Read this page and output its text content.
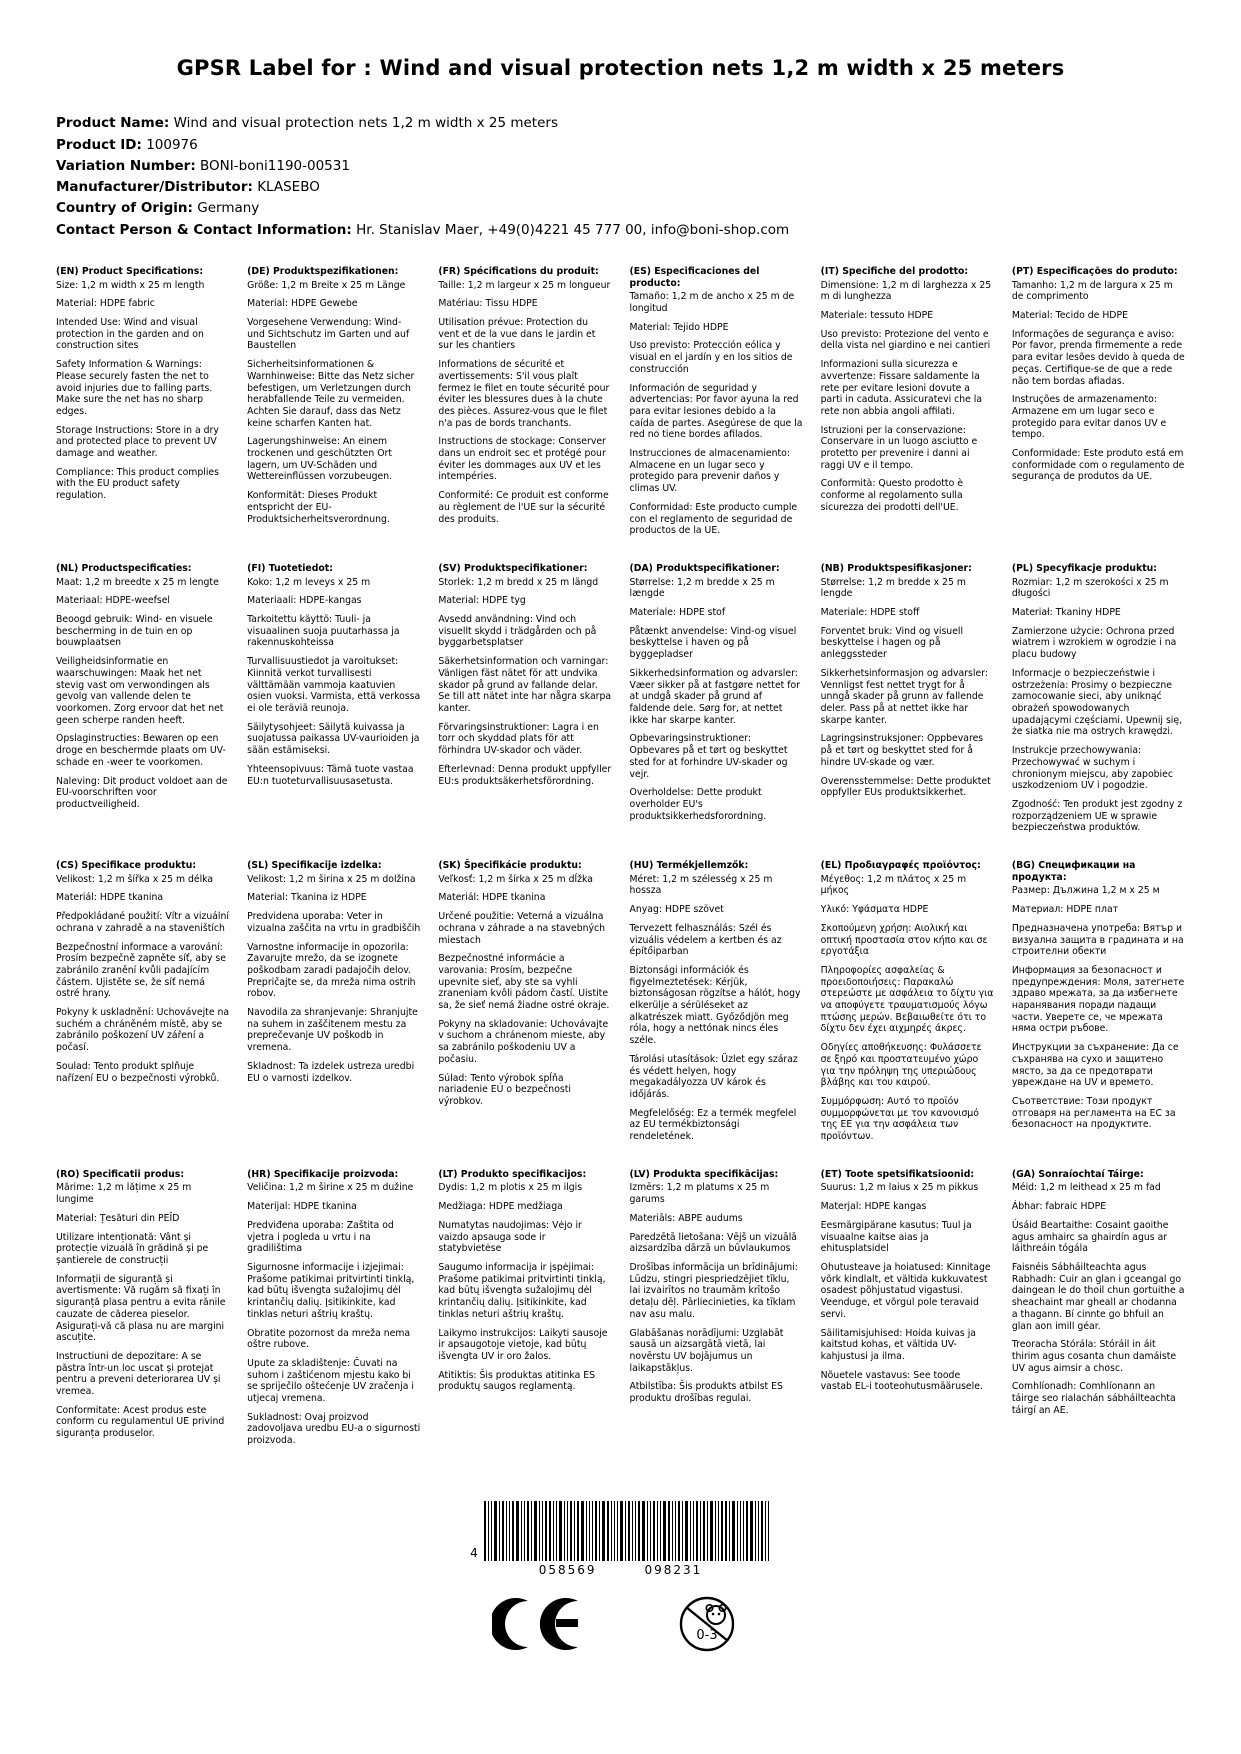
GPSR Label for : Wind and visual protection nets 1,2 m width x 25 meters
Product Name: Wind and visual protection nets 1,2 m width x 25 meters
Product ID: 100976
Variation Number: BONI-boni1190-00531
Manufacturer/Distributor: KLASEBO
Country of Origin: Germany
Contact Person & Contact Information: Hr. Stanislav Maer, +49(0)4221 45 777 00, info@boni-shop.com
(EN) Product Specifications:

Size: 1,2 m width x 25 m length

Material: HDPE fabric

Intended Use: Wind and visual protection in the garden and on construction sites

Safety Information & Warnings: Please securely fasten the net to avoid injuries due to falling parts. Make sure the net has no sharp edges.

Storage Instructions: Store in a dry and protected place to prevent UV damage and weather.

Compliance: This product complies with the EU product safety regulation.

(DE) Produktspezifikationen:

Größe: 1,2 m Breite x 25 m Länge

Material: HDPE Gewebe

Vorgesehene Verwendung: Wind- und Sichtschutz im Garten und auf Baustellen

Sicherheitsinformationen & Warnhinweise: Bitte das Netz sicher befestigen, um Verletzungen durch herabfallende Teile zu vermeiden. Achten Sie darauf, dass das Netz keine scharfen Kanten hat.

Lagerungshinweise: An einem trockenen und geschützten Ort lagern, um UV-Schäden und Wettereinflüssen vorzubeugen.

Konformität: Dieses Produkt entspricht der EU-Produktsicherheitsverordnung.

(FR) Spécifications du produit:

Taille: 1,2 m largeur x 25 m longueur

Matériau: Tissu HDPE

Utilisation prévue: Protection du vent et de la vue dans le jardin et sur les chantiers

Informations de sécurité et avertissements: S'il vous plaît fermez le filet en toute sécurité pour éviter les blessures dues à la chute des pièces. Assurez-vous que le filet n'a pas de bords tranchants.

Instructions de stockage: Conserver dans un endroit sec et protégé pour éviter les dommages aux UV et les intempéries.

Conformité: Ce produit est conforme au règlement de l'UE sur la sécurité des produits.

(ES) Especificaciones del producto:

Tamaño: 1,2 m de ancho x 25 m de longitud

Material: Tejido HDPE

Uso previsto: Protección eólica y visual en el jardín y en los sitios de construcción

Información de seguridad y advertencias: Por favor ayuna la red para evitar lesiones debido a la caída de partes. Asegúrese de que la red no tiene bordes afilados.

Instrucciones de almacenamiento: Almacene en un lugar seco y protegido para prevenir daños y climas UV.

Conformidad: Este producto cumple con el reglamento de seguridad de productos de la UE.

(IT) Specifiche del prodotto:

Dimensione: 1,2 m di larghezza x 25 m di lunghezza

Materiale: tessuto HDPE

Uso previsto: Protezione del vento e della vista nel giardino e nei cantieri

Informazioni sulla sicurezza e avvertenze: Fissare saldamente la rete per evitare lesioni dovute a parti in caduta. Assicuratevi che la rete non abbia angoli affilati.

Istruzioni per la conservazione: Conservare in un luogo asciutto e protetto per prevenire i danni ai raggi UV e il tempo.

Conformità: Questo prodotto è conforme al regolamento sulla sicurezza dei prodotti dell'UE.

(PT) Especificações do produto:

Tamanho: 1,2 m de largura x 25 m de comprimento

Material: Tecido de HDPE

Informações de segurança e aviso: Por favor, prenda firmemente a rede para evitar lesões devido à queda de peças. Certifique-se de que a rede não tem bordas afiadas.

Instruções de armazenamento: Armazene em um lugar seco e protegido para evitar danos UV e tempo.

Conformidade: Este produto está em conformidade com o regulamento de segurança de produtos da UE.

(NL) Productspecificaties:

Maat: 1,2 m breedte x 25 m lengte

Materiaal: HDPE-weefsel

Beoogd gebruik: Wind- en visuele bescherming in de tuin en op bouwplaatsen

Veiligheidsinformatie en waarschuwingen: Maak het net stevig vast om verwondingen als gevolg van vallende delen te voorkomen. Zorg ervoor dat het net geen scherpe randen heeft.

Opslaginstructies: Bewaren op een droge en beschermde plaats om UV-schade en -weer te voorkomen.

Naleving: Dit product voldoet aan de EU-voorschriften voor productveiligheid.

(FI) Tuotetiedot:

Koko: 1,2 m leveys x 25 m

Materiaali: HDPE-kangas

Tarkoitettu käyttö: Tuuli- ja visuaalinen suoja puutarhassa ja rakennuskohteissa

Turvallisuustiedot ja varoitukset: Kiinnitä verkot turvallisesti välttämään vammoja kaatuvien osien vuoksi. Varmista, että verkossa ei ole teräviä reunoja.

Säilytysohjeet: Säilytä kuivassa ja suojatussa paikassa UV-vaurioiden ja sään estämiseksi.

Yhteensopivuus: Tämä tuote vastaa EU:n tuoteturvallisuusasetusta.

(SV) Produktspecifikationer:

Storlek: 1,2 m bredd x 25 m längd

Material: HDPE tyg

Avsedd användning: Vind och visuellt skydd i trädgården och på byggarbetsplatser

Säkerhetsinformation och varningar: Vänligen fäst nätet för att undvika skador på grund av fallande delar. Se till att nätet inte har några skarpa kanter.

Förvaringsinstruktioner: Lagra i en torr och skyddad plats för att förhindra UV-skador och väder.

Efterlevnad: Denna produkt uppfyller EU:s produktsäkerhetsförordning.

(DA) Produktspecifikationer:

Størrelse: 1,2 m bredde x 25 m længde

Materiale: HDPE stof

Påtænkt anvendelse: Vind-og visuel beskyttelse i haven og på byggepladser

Sikkerhedsinformation og advarsler: Væer sikker på at fastgøre nettet for at undgå skader på grund af faldende dele. Sørg for, at nettet ikke har skarpe kanter.

Opbevaringsinstruktioner: Opbevares på et tørt og beskyttet sted for at forhindre UV-skader og vejr.

Overholdelse: Dette produkt overholder EU's produktsikkerhedsforordning.

(NB) Produktspesifikasjoner:

Størrelse: 1,2 m bredde x 25 m lengde

Materiale: HDPE stoff

Forventet bruk: Vind og visuell beskyttelse i hagen og på anleggssteder

Sikkerhetsinformasjon og advarsler: Vennligst fest nettet trygt for å unngå skader på grunn av fallende deler. Pass på at nettet ikke har skarpe kanter.

Lagringsinstruksjoner: Oppbevares på et tørt og beskyttet sted for å hindre UV-skade og vær.

Overensstemmelse: Dette produktet oppfyller EUs produktsikkerhet.

(PL) Specyfikacje produktu:

Rozmiar: 1,2 m szerokości x 25 m długości

Materiał: Tkaniny HDPE

Zamierzone użycie: Ochrona przed wiatrem i wzrokiem w ogrodzie i na placu budowy

Informacje o bezpieczeństwie i ostrzeżenia: Prosimy o bezpieczne zamocowanie sieci, aby uniknąć obrażeń spowodowanych upadającymi częściami. Upewnij się, że siatka nie ma ostrych krawędzi.

Instrukcje przechowywania: Przechowywać w suchym i chronionym miejscu, aby zapobiec uszkodzeniom UV i pogodzie.

Zgodność: Ten produkt jest zgodny z rozporządzeniem UE w sprawie bezpieczeństwa produktów.

(CS) Specifikace produktu:

Velikost: 1,2 m šířka x 25 m délka

Materiál: HDPE tkanina

Předpokládané použití: Vítr a vizuální ochrana v zahradě a na staveništích

Bezpečnostní informace a varování: Prosím bezpečně zapněte síť, aby se zabránilo zranění kvůli padajícím částem. Ujistěte se, že síť nemá ostré hrany.

Pokyny k uskladnění: Uchovávejte na suchém a chráněném místě, aby se zabránilo poškození UV záření a počasí.

Soulad: Tento produkt splňuje nařízení EU o bezpečnosti výrobků.

(SL) Specifikacije izdelka:

Velikost: 1,2 m širina x 25 m dolžina

Material: Tkanina iz HDPE

Predvidena uporaba: Veter in vizualna zaščita na vrtu in gradbiščih

Varnostne informacije in opozorila: Zavarujte mrežo, da se izognete poškodbam zaradi padajočih delov. Prepričajte se, da mreža nima ostrih robov.

Navodila za shranjevanje: Shranjujte na suhem in zaščitenem mestu za preprečevanje UV poškodb in vremena.

Skladnost: Ta izdelek ustreza uredbi EU o varnosti izdelkov.

(SK) Špecifikácie produktu:

Veľkosť: 1,2 m šírka x 25 m dĺžka

Materiál: HDPE tkanina

Určené použitie: Veterná a vizuálna ochrana v záhrade a na stavebných miestach

Bezpečnostné informácie a varovania: Prosím, bezpečne upevnite sieť, aby ste sa vyhli zraneniam kvôli pádom častí. Uistite sa, že sieť nemá žiadne ostré okraje.

Pokyny na skladovanie: Uchovávajte v suchom a chránenom mieste, aby sa zabránilo poškodeniu UV a počasiu.

Súlad: Tento výrobok spĺňa nariadenie EÚ o bezpečnosti výrobkov.

(HU) Termékjellemzők:

Méret: 1,2 m szélesség x 25 m hossza

Anyag: HDPE szövet

Tervezett felhasználás: Szél és vizuális védelem a kertben és az építőiparban

Biztonsági információk és figyelmeztetések: Kérjük, biztonságosan rögzítse a hálót, hogy elkerülje a sérüléseket az alkatrészek miatt. Győződjön meg róla, hogy a nettónak nincs éles széle.

Tárolási utasítások: Üzlet egy száraz és védett helyen, hogy megakadályozza UV károk és időjárás.

Megfelelőség: Ez a termék megfelel az EU termékbiztonsági rendeletének.

(EL) Προδιαγραφές προϊόντος:

Μέγεθος: 1,2 m πλάτος x 25 m μήκος

Υλικό: Υφάσματα HDPE

Σκοπούμενη χρήση: Αιολική και οπτική προστασία στον κήπο και σε εργοτάξια

Πληροφορίες ασφαλείας & προειδοποιήσεις: Παρακαλώ στερεώστε με ασφάλεια το δίχτυ για να αποφύγετε τραυματισμούς λόγω πτώσης μερών. Βεβαιωθείτε ότι το δίχτυ δεν έχει αιχμηρές άκρες.

Οδηγίες αποθήκευσης: Φυλάσσετε σε ξηρό και προστατευμένο χώρο για την πρόληψη της υπεριώδους βλάβης και του καιρού.

Συμμόρφωση: Αυτό το προϊόν συμμορφώνεται με τον κανονισμό της ΕΕ για την ασφάλεια των προϊόντων.

(BG) Спецификации на продукта:

Размер: Дължина 1,2 м x 25 м

Материал: HDPE плат

Предназначена употреба: Вятър и визуална защита в градината и на строителни обекти

Информация за безопасност и предупреждения: Моля, затегнете здраво мрежата, за да избегнете наранявания поради падащи части. Уверете се, че мрежата няма остри ръбове.

Инструкции за съхранение: Да се съхранява на сухо и защитено място, за да се предотврати увреждане на UV и времето.

Съответствие: Този продукт отговаря на регламента на ЕС за безопасност на продуктите.

(RO) Specificatii produs:

Mărime: 1,2 m lățime x 25 m lungime

Material: Țesături din PEÎD

Utilizare intenționată: Vânt și protecție vizuală în grădină și pe șantierele de construcții

Informații de siguranță și avertismente: Vă rugăm să fixați în siguranță plasa pentru a evita rănile cauzate de căderea pieselor. Asigurați-vă că plasa nu are margini ascuțite.

Instructiuni de depozitare: A se păstra într-un loc uscat și protejat pentru a preveni deteriorarea UV și vremea.

Conformitate: Acest produs este conform cu regulamentul UE privind siguranța produselor.

(HR) Specifikacije proizvoda:

Veličina: 1,2 m širine x 25 m dužine

Materijal: HDPE tkanina

Predviđena uporaba: Zaštita od vjetra i pogleda u vrtu i na gradilištima

Sigurnosne informacije i izjejimai: Prašome patikimai pritvirtinti tinklą, kad būtų išvengta sužalojimų dėl krintančių dalių. Įsitikinkite, kad tinklas neturi aštrių kraštų.

Obratite pozornost da mreža nema oštre rubove.

Upute za skladištenje: Čuvati na suhom i zaštićenom mjestu kako bi se spriječilo oštećenje UV zračenja i utjecaj vremena.

Sukladnost: Ovaj proizvod zadovoljava uredbu EU-a o sigurnosti proizvoda.

(LT) Produkto specifikacijos:

Dydis: 1,2 m plotis x 25 m ilgis

Medžiaga: HDPE medžiaga

Numatytas naudojimas: Vėjo ir vaizdo apsauga sode ir statybvietėse

Saugumo informacija ir įspėjimai: Prašome patikimai pritvirtinti tinklą, kad būtų išvengta sužalojimų dėl krintančių dalių. Įsitikinkite, kad tinklas neturi aštrių kraštų.

Laikymo instrukcijos: Laikyti sausoje ir apsaugotoje vietoje, kad būtų išvengta UV ir oro žalos.

Atitiktis: Šis produktas atitinka ES produktų saugos reglamentą.

(LV) Produkta specifikācijas:

Izmērs: 1,2 m platums x 25 m garums

Materiāls: ABPE audums

Paredzētā lietošana: Vējš un vizuālā aizsardzība dārzā un būvlaukumos

Drošības informācija un brīdinājumi: Lūdzu, stingri piespriedzējiet tīklu, lai izvairītos no traumām krītošo detaļu dēļ. Pārliecinieties, ka tīklam nav asu malu.

Glabāšanas norādījumi: Uzglabāt sausā un aizsargātā vietā, lai novērstu UV bojājumus un laikapstākļus.

Atbilstība: Šis produkts atbilst ES produktu drošības regulai.

(ET) Toote spetsifikatsioonid:

Suurus: 1,2 m laius x 25 m pikkus

Materjal: HDPE kangas

Eesmärgipärane kasutus: Tuul ja visuaalne kaitse aias ja ehitusplatsidel

Ohutusteave ja hoiatused: Kinnitage võrk kindlalt, et vältida kukkuvatest osadest põhjustatud vigastusi. Veenduge, et võrgul pole teravaid servi.

Säilitamisjuhised: Hoida kuivas ja kaitstud kohas, et vältida UV-kahjustusi ja ilma.

Nõuetele vastavus: See toode vastab EL-i tooteohutusmäärusele.

(GA) Sonraíochtaí Táirge:

Méid: 1,2 m leithead x 25 m fad

Ábhar: fabraic HDPE

Úsáid Beartaithe: Cosaint gaoithe agus amhairc sa ghairdín agus ar láithreáin tógála

Faisnéis Sábháilteachta agus Rabhadh: Cuir an glan i gceangal go daingean le do thoil chun gortuithe a sheachaint mar gheall ar chodanna a thagann. Bí cinnte go bhfuil an glan aon imill géar.

Treoracha Stórála: Stóráil in áit thirim agus cosanta chun damáiste UV agus aimsir a chosc.

Comhlíonadh: Comhlíonann an táirge seo rialachán sábháilteachta táirgí an AE.

4
058569	098231
0-3
